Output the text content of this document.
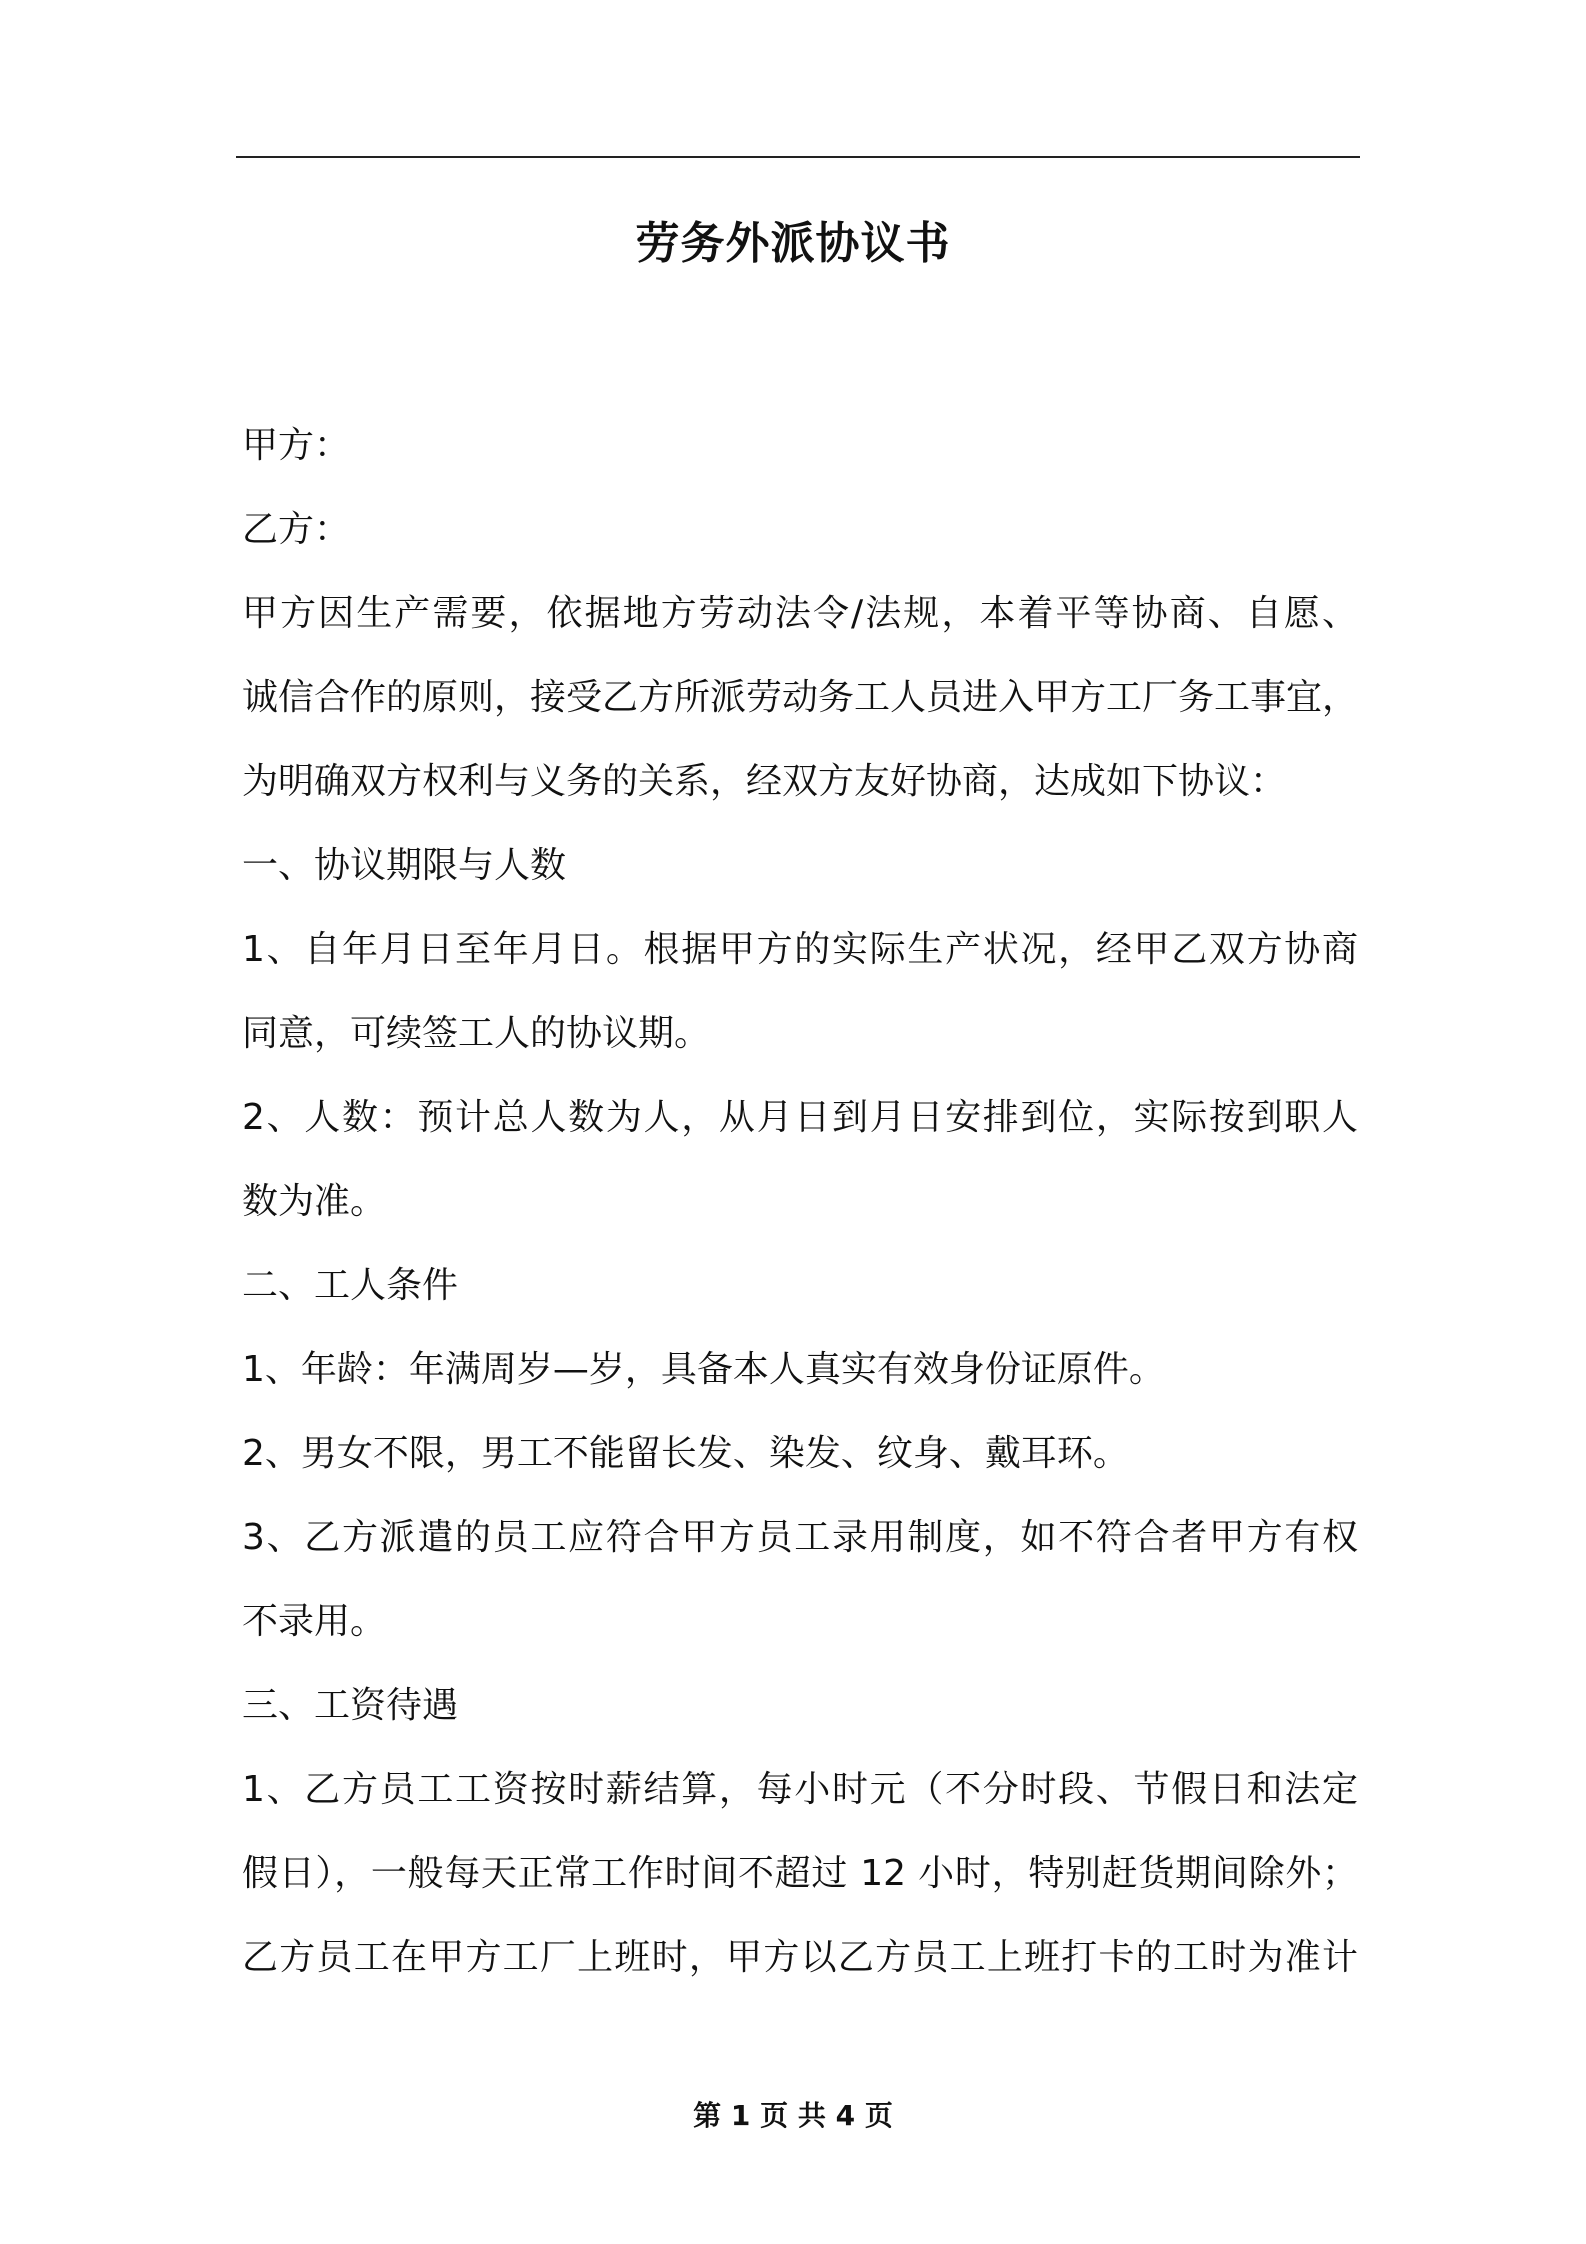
劳务外派协议书
甲方：
乙方：
甲方因生产需要，依据地方劳动法令/法规，本着平等协商、自愿、
诚信合作的原则，接受乙方所派劳动务工人员进入甲方工厂务工事宜，
为明确双方权利与义务的关系，经双方友好协商，达成如下协议：
一、协议期限与人数
1、自年月日至年月日。根据甲方的实际生产状况，经甲乙双方协商
同意，可续签工人的协议期。
2、人数：预计总人数为人，从月日到月日安排到位，实际按到职人
数为准。
二、工人条件
1、年龄：年满周岁—岁，具备本人真实有效身份证原件。
2、男女不限，男工不能留长发、染发、纹身、戴耳环。
3、乙方派遣的员工应符合甲方员工录用制度，如不符合者甲方有权
不录用。
三、工资待遇
1、乙方员工工资按时薪结算，每小时元（不分时段、节假日和法定
假日），一般每天正常工作时间不超过 12 小时，特别赶货期间除外；
乙方员工在甲方工厂上班时，甲方以乙方员工上班打卡的工时为准计
第 1 页 共 4 页
